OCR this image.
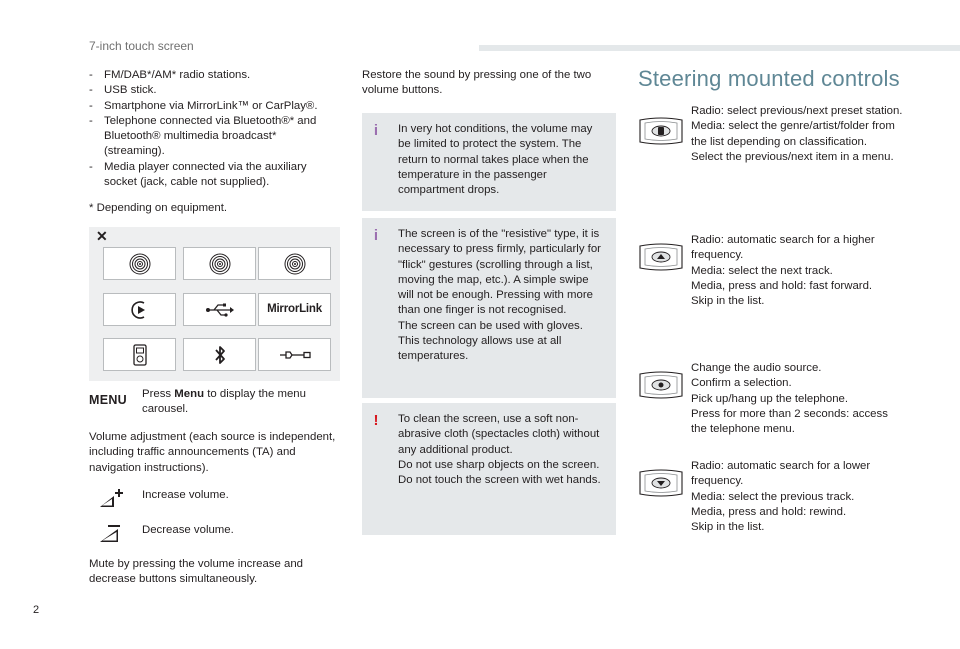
7-inch touch screen
- FM/DAB*/AM* radio stations.
- USB stick.
- Smartphone via MirrorLink™ or CarPlay®.
- Telephone connected via Bluetooth®* and Bluetooth® multimedia broadcast* (streaming).
- Media player connected via the auxiliary socket (jack, cable not supplied).
* Depending on equipment.
✕
MirrorLink
MENU Press Menu to display the menu carousel.
Volume adjustment (each source is independent, including traffic announcements (TA) and navigation instructions).
Increase volume.
Decrease volume.
Mute by pressing the volume increase and decrease buttons simultaneously.
Restore the sound by pressing one of the two volume buttons.
i	In very hot conditions, the volume may be limited to protect the system. The return to normal takes place when the temperature in the passenger compartment drops.
i	The screen is of the "resistive" type, it is necessary to press firmly, particularly for "flick" gestures (scrolling through a list, moving the map, etc.). A simple swipe will not be enough. Pressing with more than one finger is not recognised.
The screen can be used with gloves. This technology allows use at all temperatures.
!	To clean the screen, use a soft non-abrasive cloth (spectacles cloth) without any additional product.
Do not use sharp objects on the screen.
Do not touch the screen with wet hands.
Steering mounted controls
Radio: select previous/next preset station.
Media: select the genre/artist/folder from the list depending on classification.
Select the previous/next item in a menu.
Radio: automatic search for a higher frequency.
Media: select the next track.
Media, press and hold: fast forward.
Skip in the list.
Change the audio source.
Confirm a selection.
Pick up/hang up the telephone.
Press for more than 2 seconds: access the telephone menu.
Radio: automatic search for a lower frequency.
Media: select the previous track.
Media, press and hold: rewind.
Skip in the list.
2
